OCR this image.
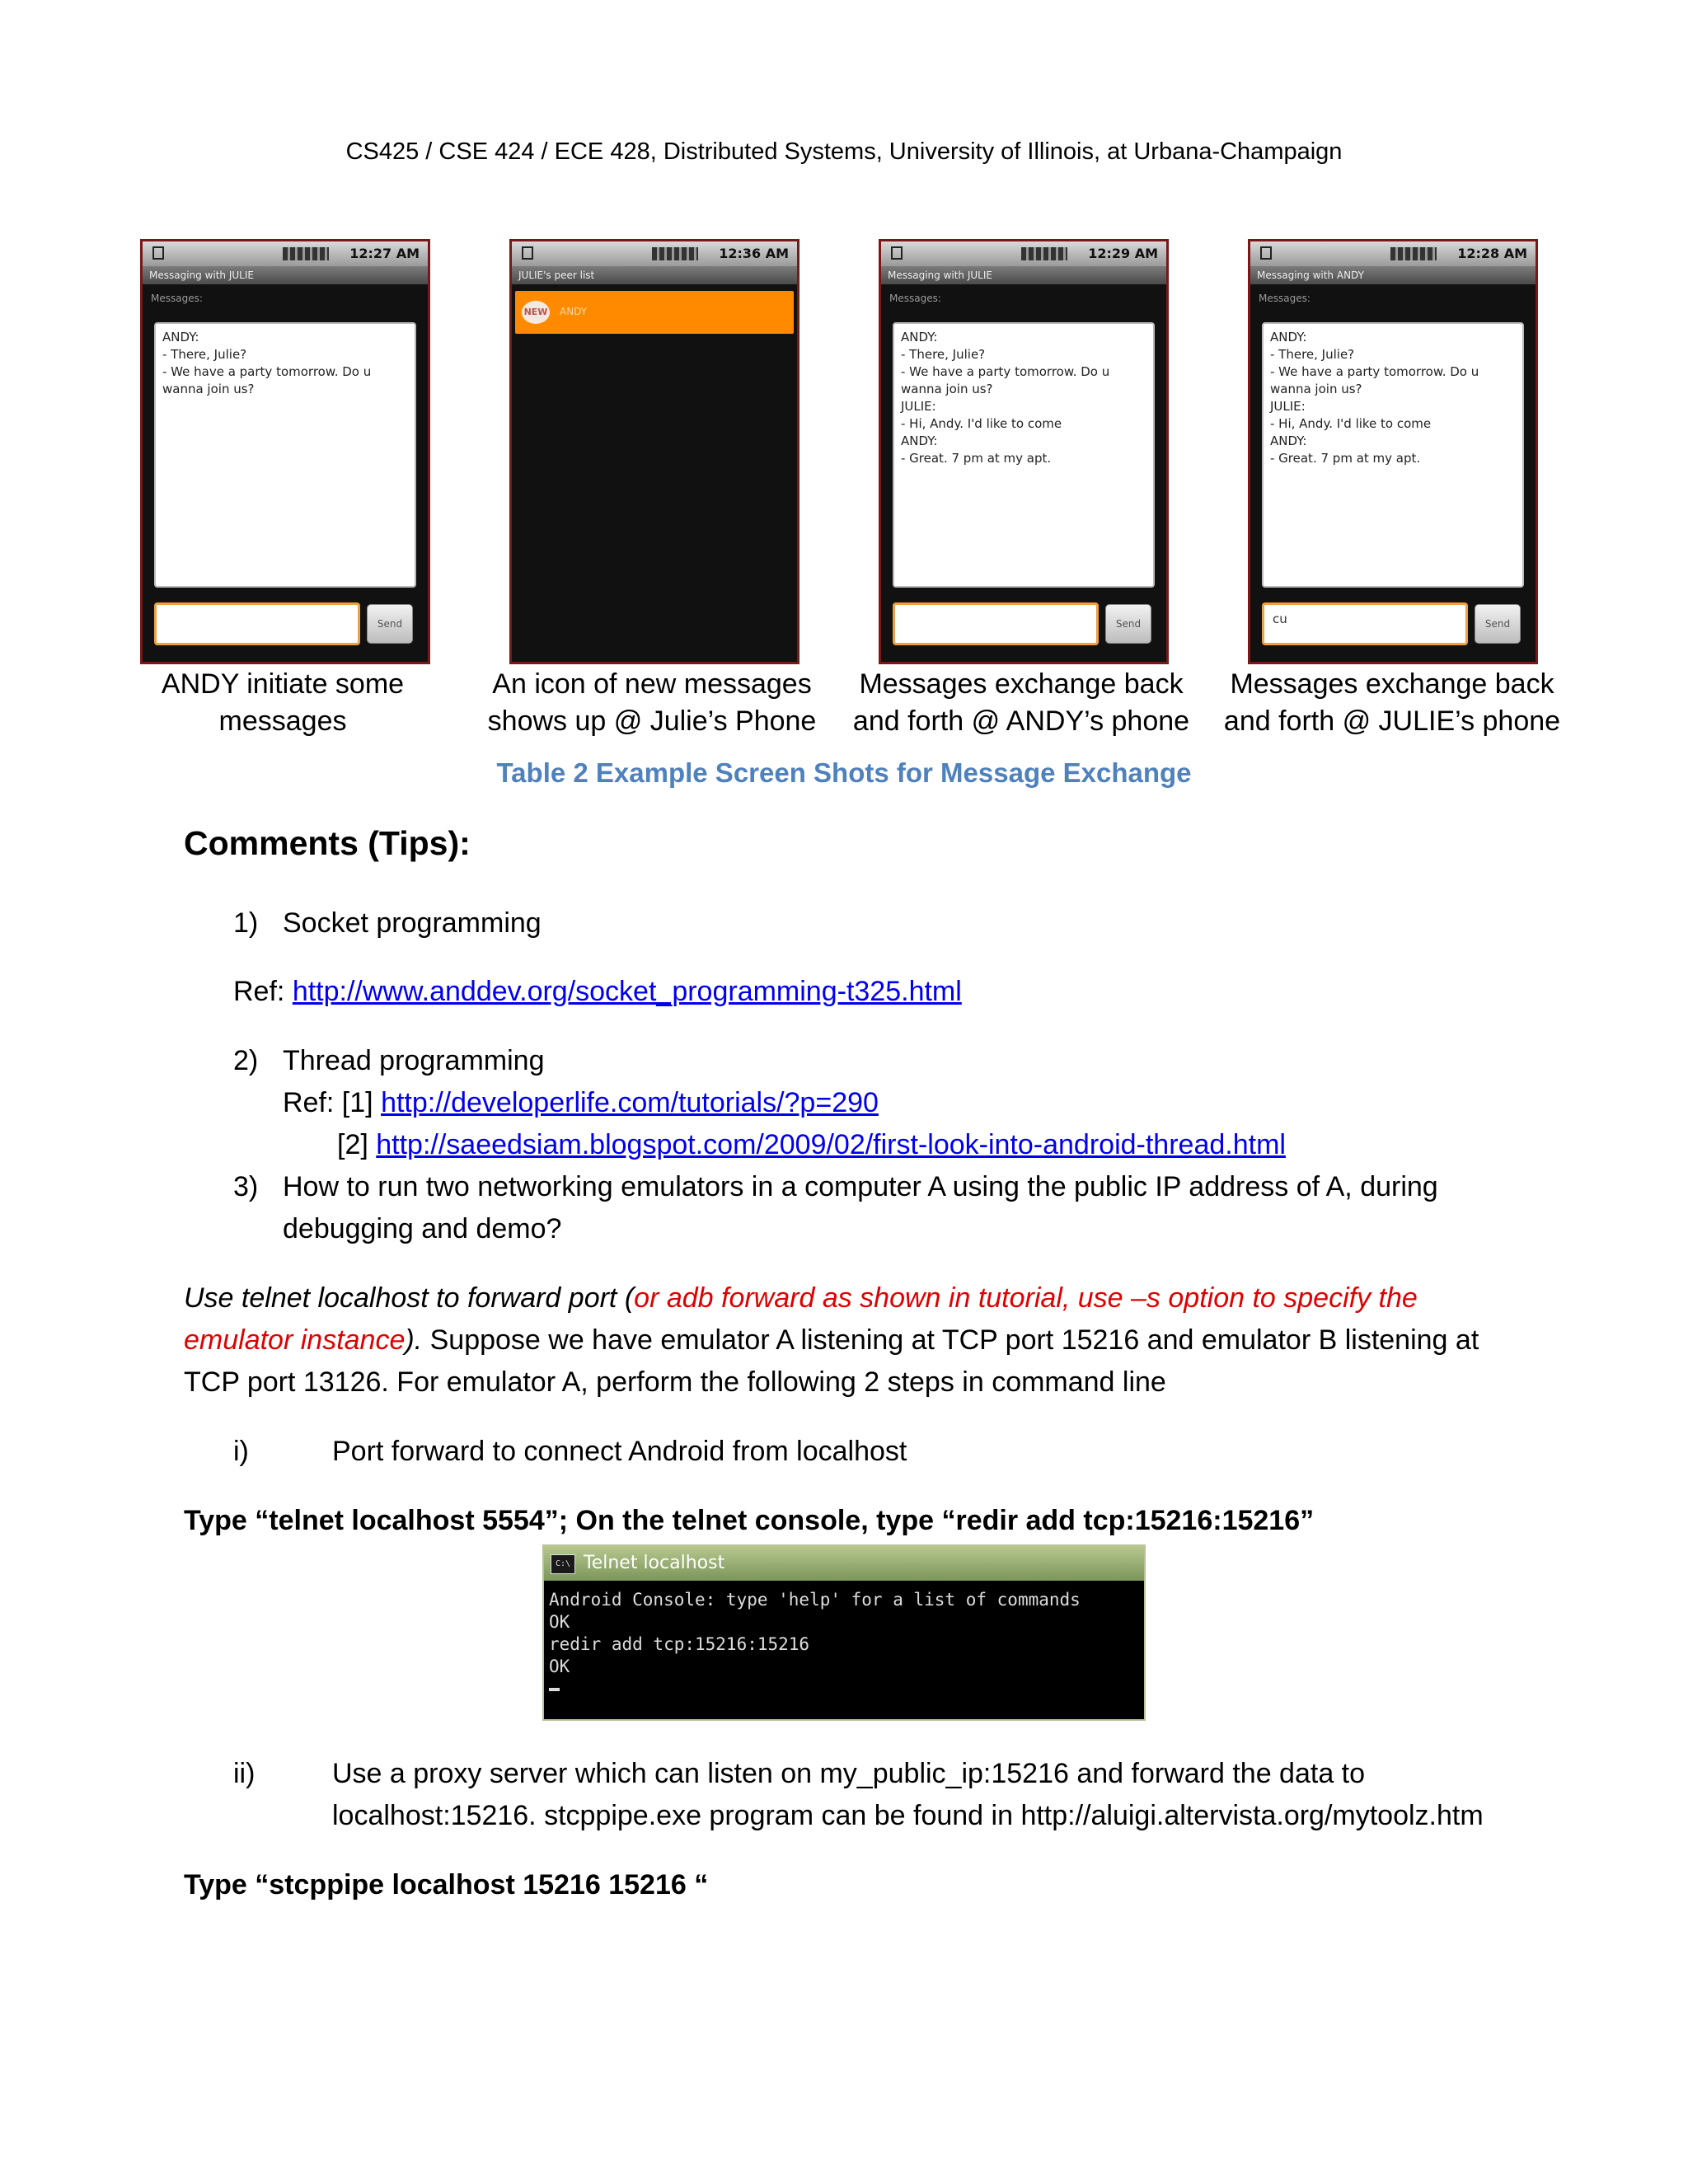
CS425 / CSE 424 / ECE 428, Distributed Systems, University of Illinois, at Urbana-Champaign
12:27 AM
Messaging with JULIE
Messages:
ANDY:
- There, Julie?
- We have a party tomorrow. Do u wanna join us?
Send
12:36 AM
JULIE's peer list
NEW ANDY
12:29 AM
Messaging with JULIE
Messages:
ANDY:
- There, Julie?
- We have a party tomorrow. Do u wanna join us?
JULIE:
- Hi, Andy. I'd like to come
ANDY:
- Great. 7 pm at my apt.
Send
12:28 AM
Messaging with ANDY
Messages:
ANDY:
- There, Julie?
- We have a party tomorrow. Do u wanna join us?
JULIE:
- Hi, Andy. I'd like to come
ANDY:
- Great. 7 pm at my apt.
cu	Send
ANDY initiate some
messages
An icon of new messages
shows up @ Julie’s Phone
Messages exchange back
and forth @ ANDY’s phone
Messages exchange back
and forth @ JULIE’s phone
Table 2 Example Screen Shots for Message Exchange
Comments (Tips):
1) Socket programming
Ref: http://www.anddev.org/socket_programming-t325.html
2) Thread programming
Ref: [1] http://developerlife.com/tutorials/?p=290
[2] http://saeedsiam.blogspot.com/2009/02/first-look-into-android-thread.html
3) How to run two networking emulators in a computer A using the public IP address of A, during
debugging and demo?
Use telnet localhost to forward port (or adb forward as shown in tutorial, use –s option to specify the
emulator instance). Suppose we have emulator A listening at TCP port 15216 and emulator B listening at
TCP port 13126. For emulator A, perform the following 2 steps in command line
i)	Port forward to connect Android from localhost
Type “telnet localhost 5554”; On the telnet console, type “redir add tcp:15216:15216”
C:\ Telnet localhost
Android Console: type 'help' for a list of commands
OK
redir add tcp:15216:15216
OK
ii)	Use a proxy server which can listen on my_public_ip:15216 and forward the data to
localhost:15216. stcppipe.exe program can be found in http://aluigi.altervista.org/mytoolz.htm
Type “stcppipe localhost 15216 15216 “
